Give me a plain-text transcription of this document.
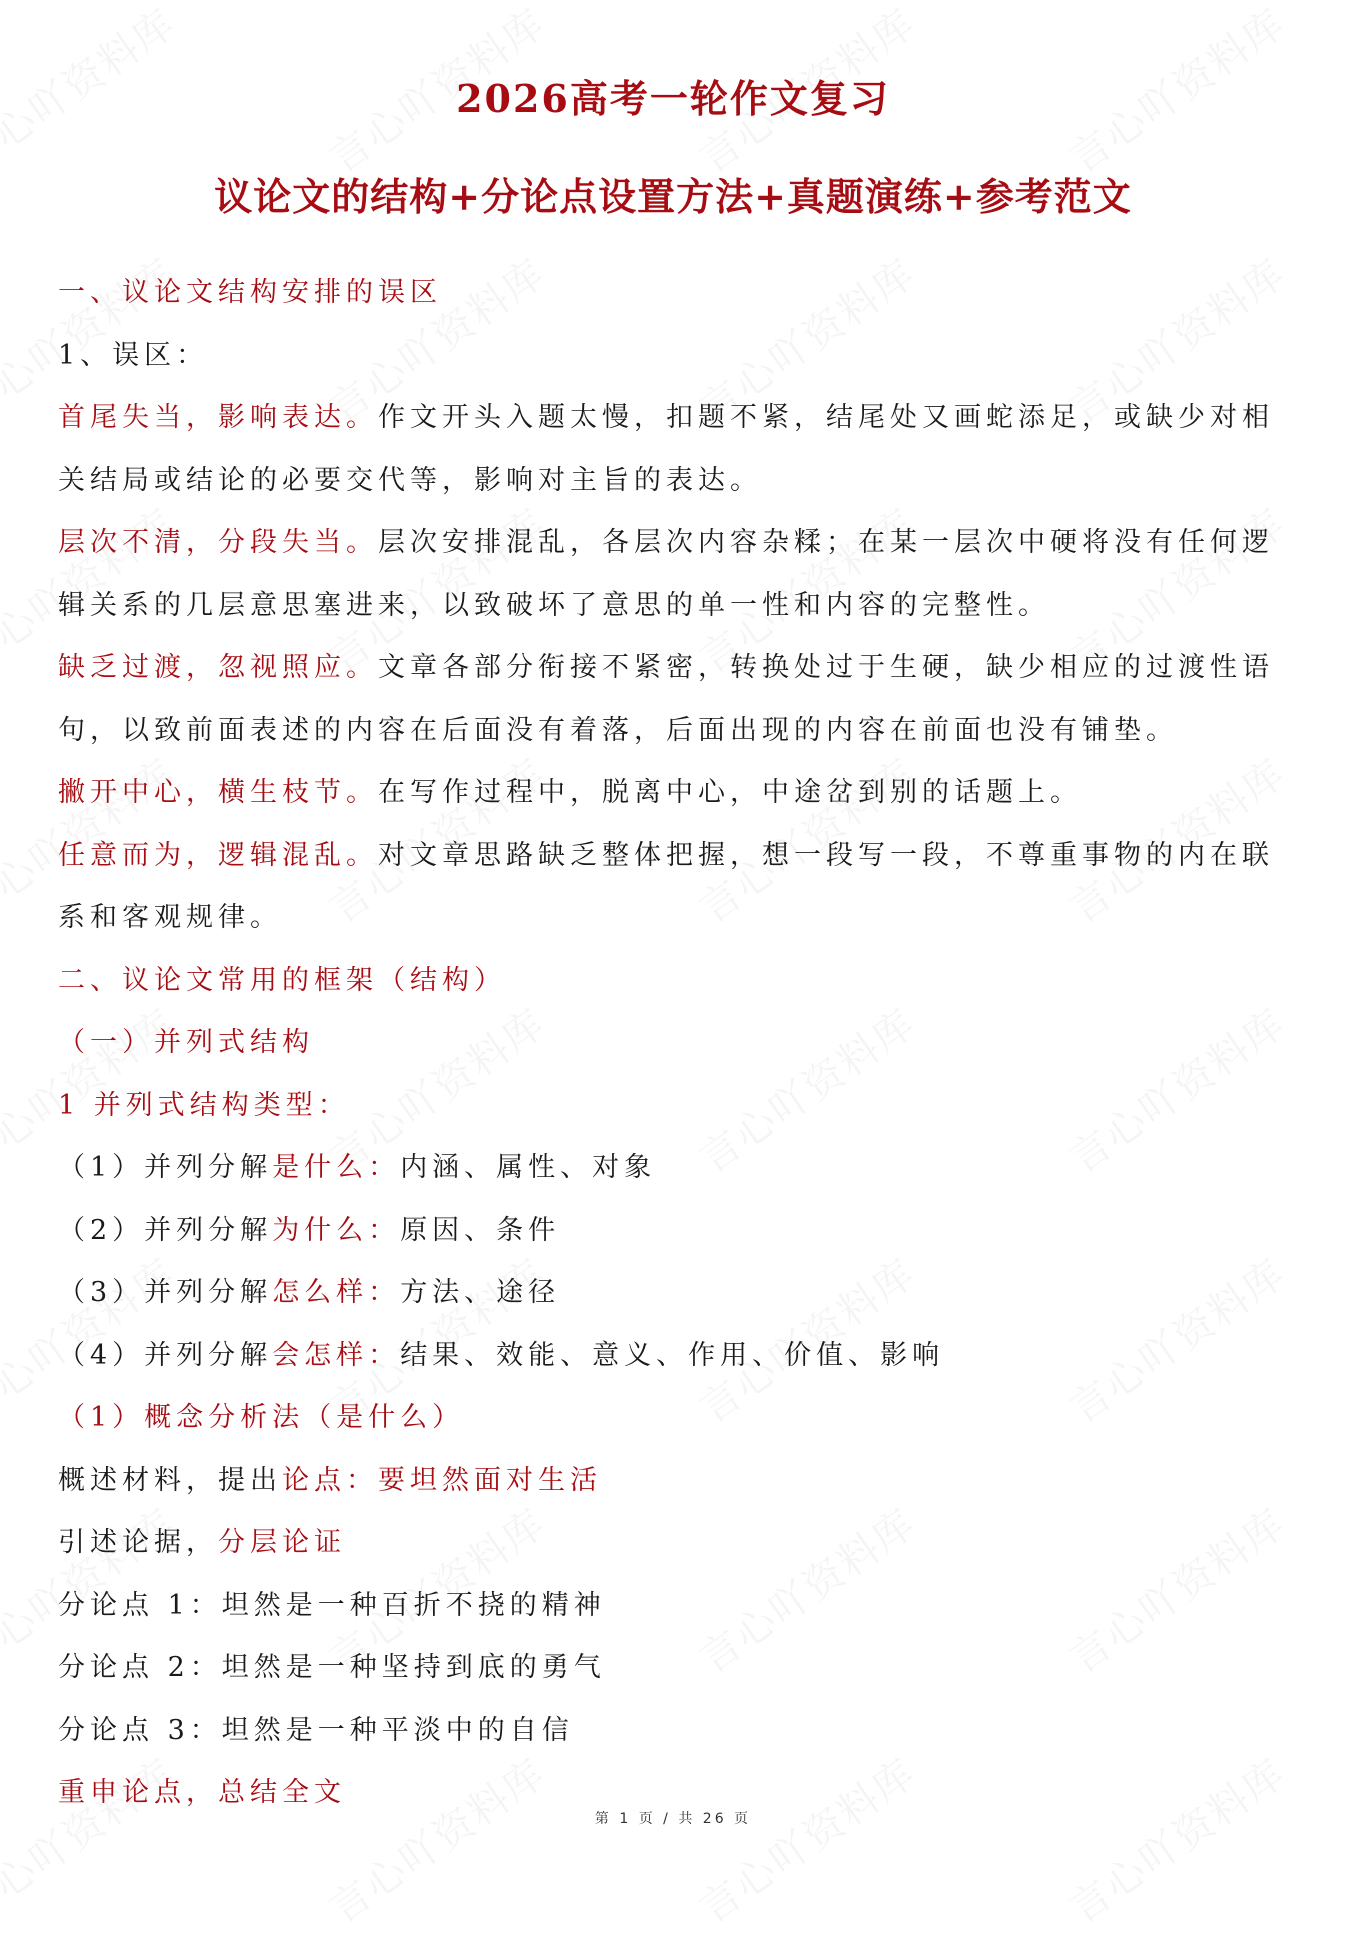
2026高考一轮作文复习
议论文的结构+分论点设置方法+真题演练+参考范文
一、议论文结构安排的误区
1、误区：
首尾失当，影响表达。作文开头入题太慢，扣题不紧，结尾处又画蛇添足，或缺少对相
关结局或结论的必要交代等，影响对主旨的表达。
层次不清，分段失当。层次安排混乱，各层次内容杂糅；在某一层次中硬将没有任何逻
辑关系的几层意思塞进来，以致破坏了意思的单一性和内容的完整性。
缺乏过渡，忽视照应。文章各部分衔接不紧密，转换处过于生硬，缺少相应的过渡性语
句，以致前面表述的内容在后面没有着落，后面出现的内容在前面也没有铺垫。
撇开中心，横生枝节。在写作过程中，脱离中心，中途岔到别的话题上。
任意而为，逻辑混乱。对文章思路缺乏整体把握，想一段写一段，不尊重事物的内在联
系和客观规律。
二、议论文常用的框架（结构）
（一）并列式结构
1 并列式结构类型：
（1）并列分解是什么：内涵、属性、对象
（2）并列分解为什么：原因、条件
（3）并列分解怎么样：方法、途径
（4）并列分解会怎样：结果、效能、意义、作用、价值、影响
（1）概念分析法（是什么）
概述材料，提出论点：要坦然面对生活
引述论据，分层论证
分论点 1：坦然是一种百折不挠的精神
分论点 2：坦然是一种坚持到底的勇气
分论点 3：坦然是一种平淡中的自信
重申论点，总结全文
第 1 页 / 共 26 页
